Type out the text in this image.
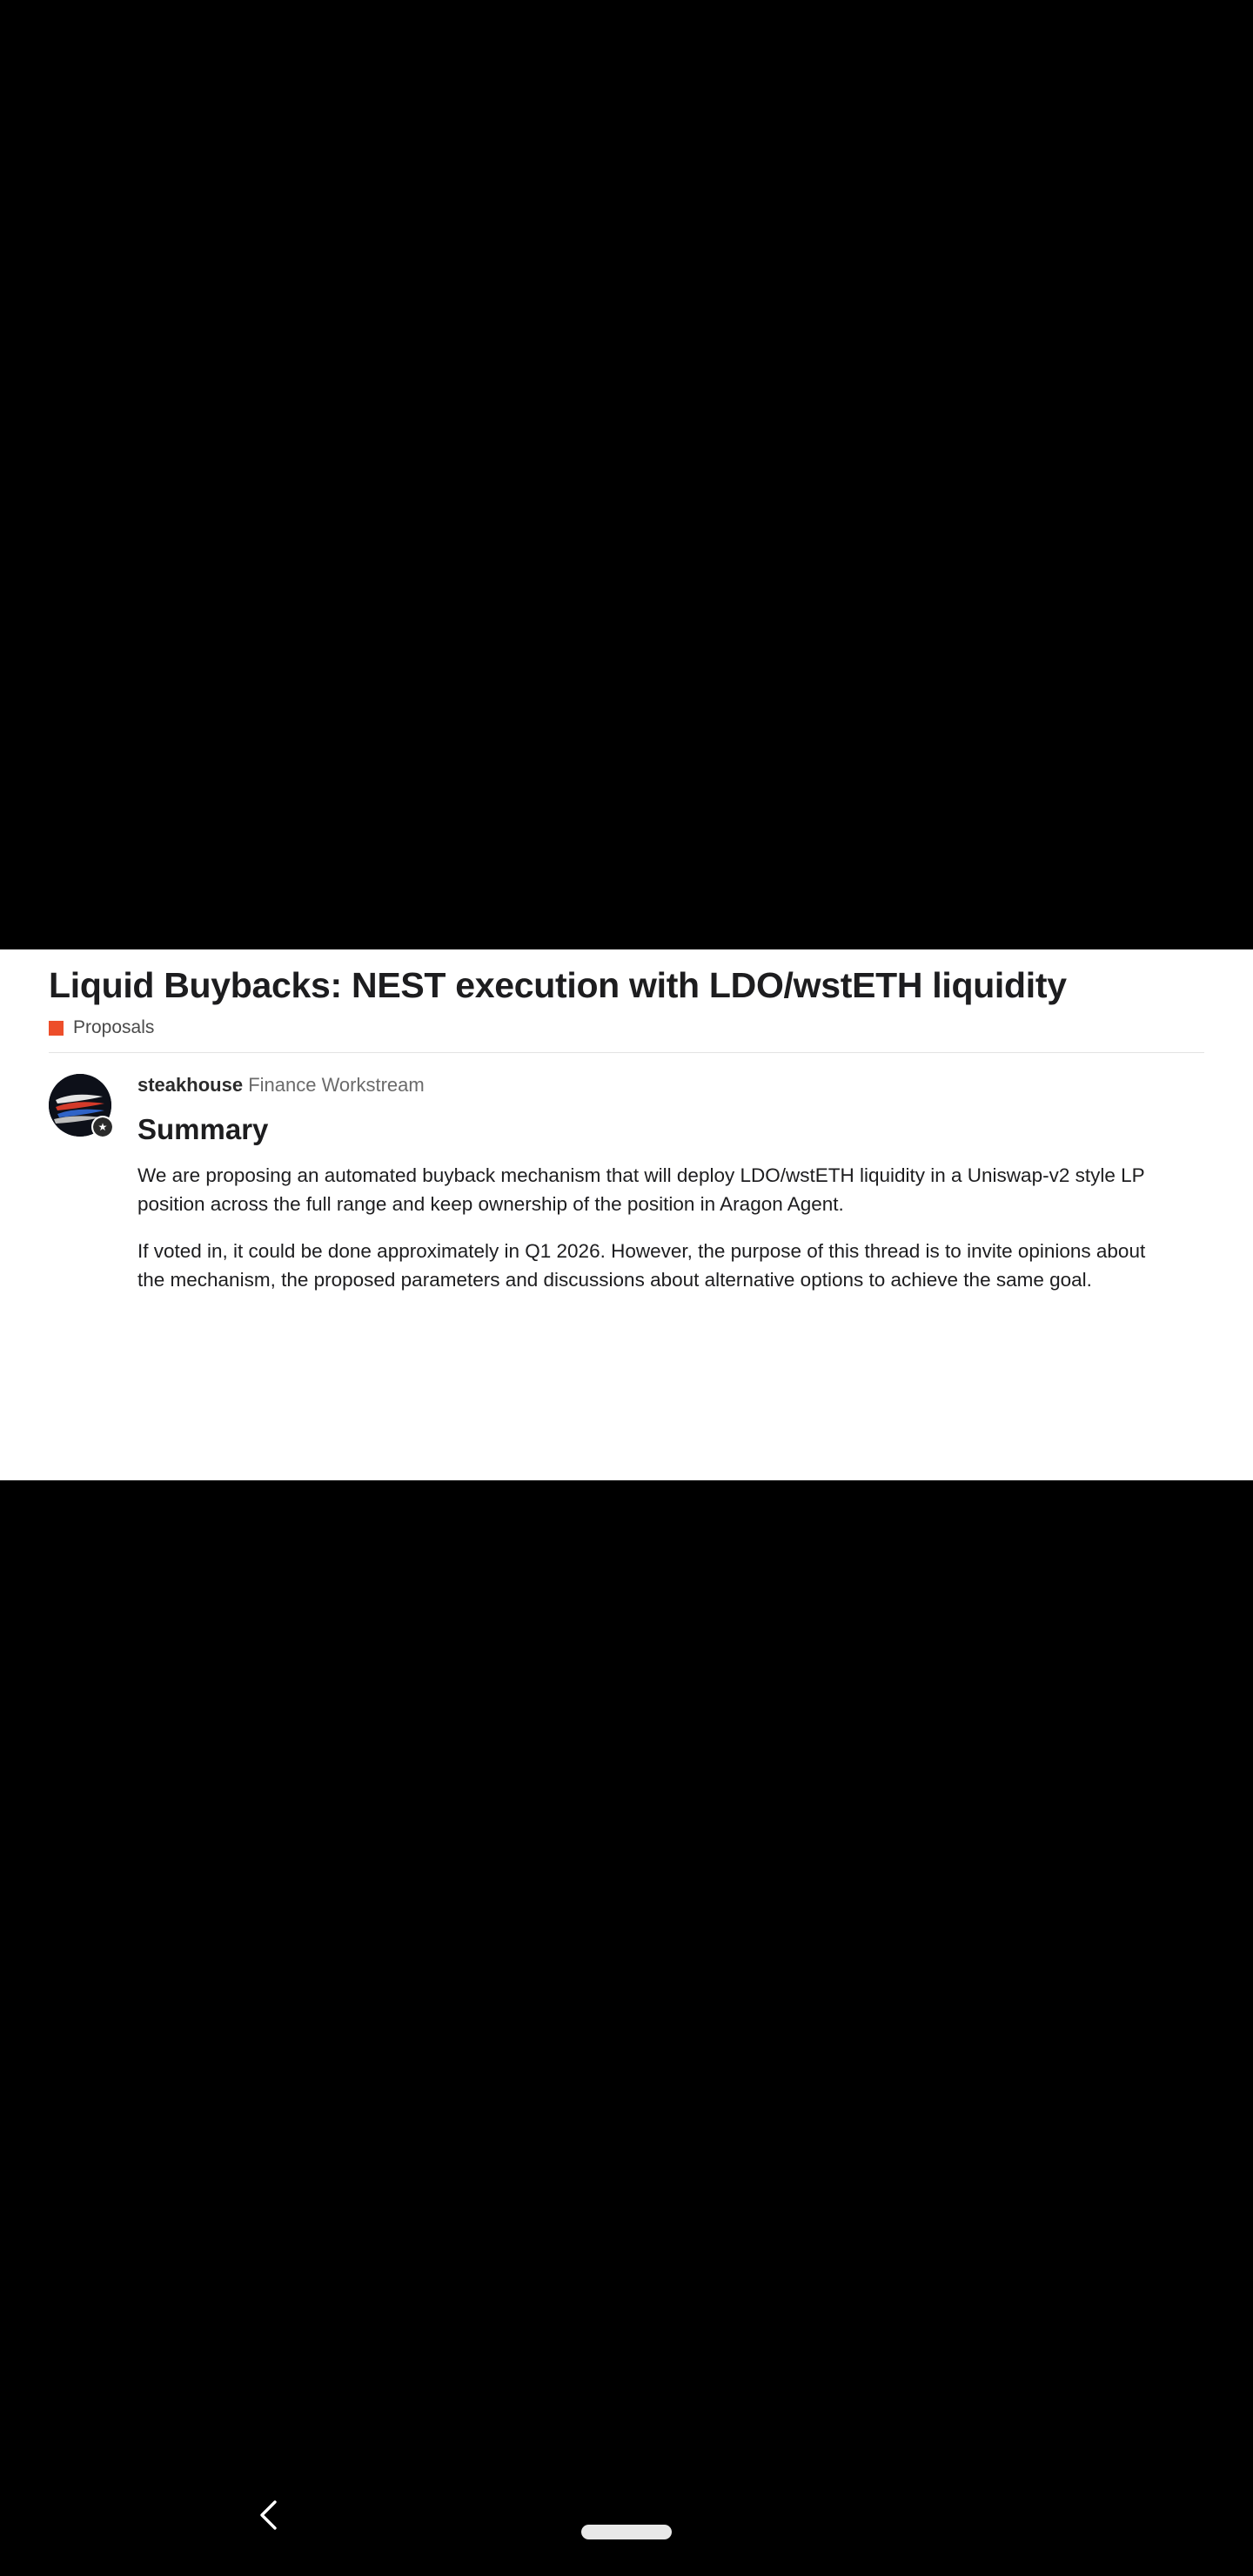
Liquid Buybacks: NEST execution with LDO/wstETH liquidity
Proposals
★
steakhouse Finance Workstream
Summary

We are proposing an automated buyback mechanism that will deploy LDO/wstETH liquidity in a Uniswap-v2 style LP position across the full range and keep ownership of the position in Aragon Agent.

If voted in, it could be done approximately in Q1 2026. However, the purpose of this thread is to invite opinions about the mechanism, the proposed parameters and discussions about alternative options to achieve the same goal.
